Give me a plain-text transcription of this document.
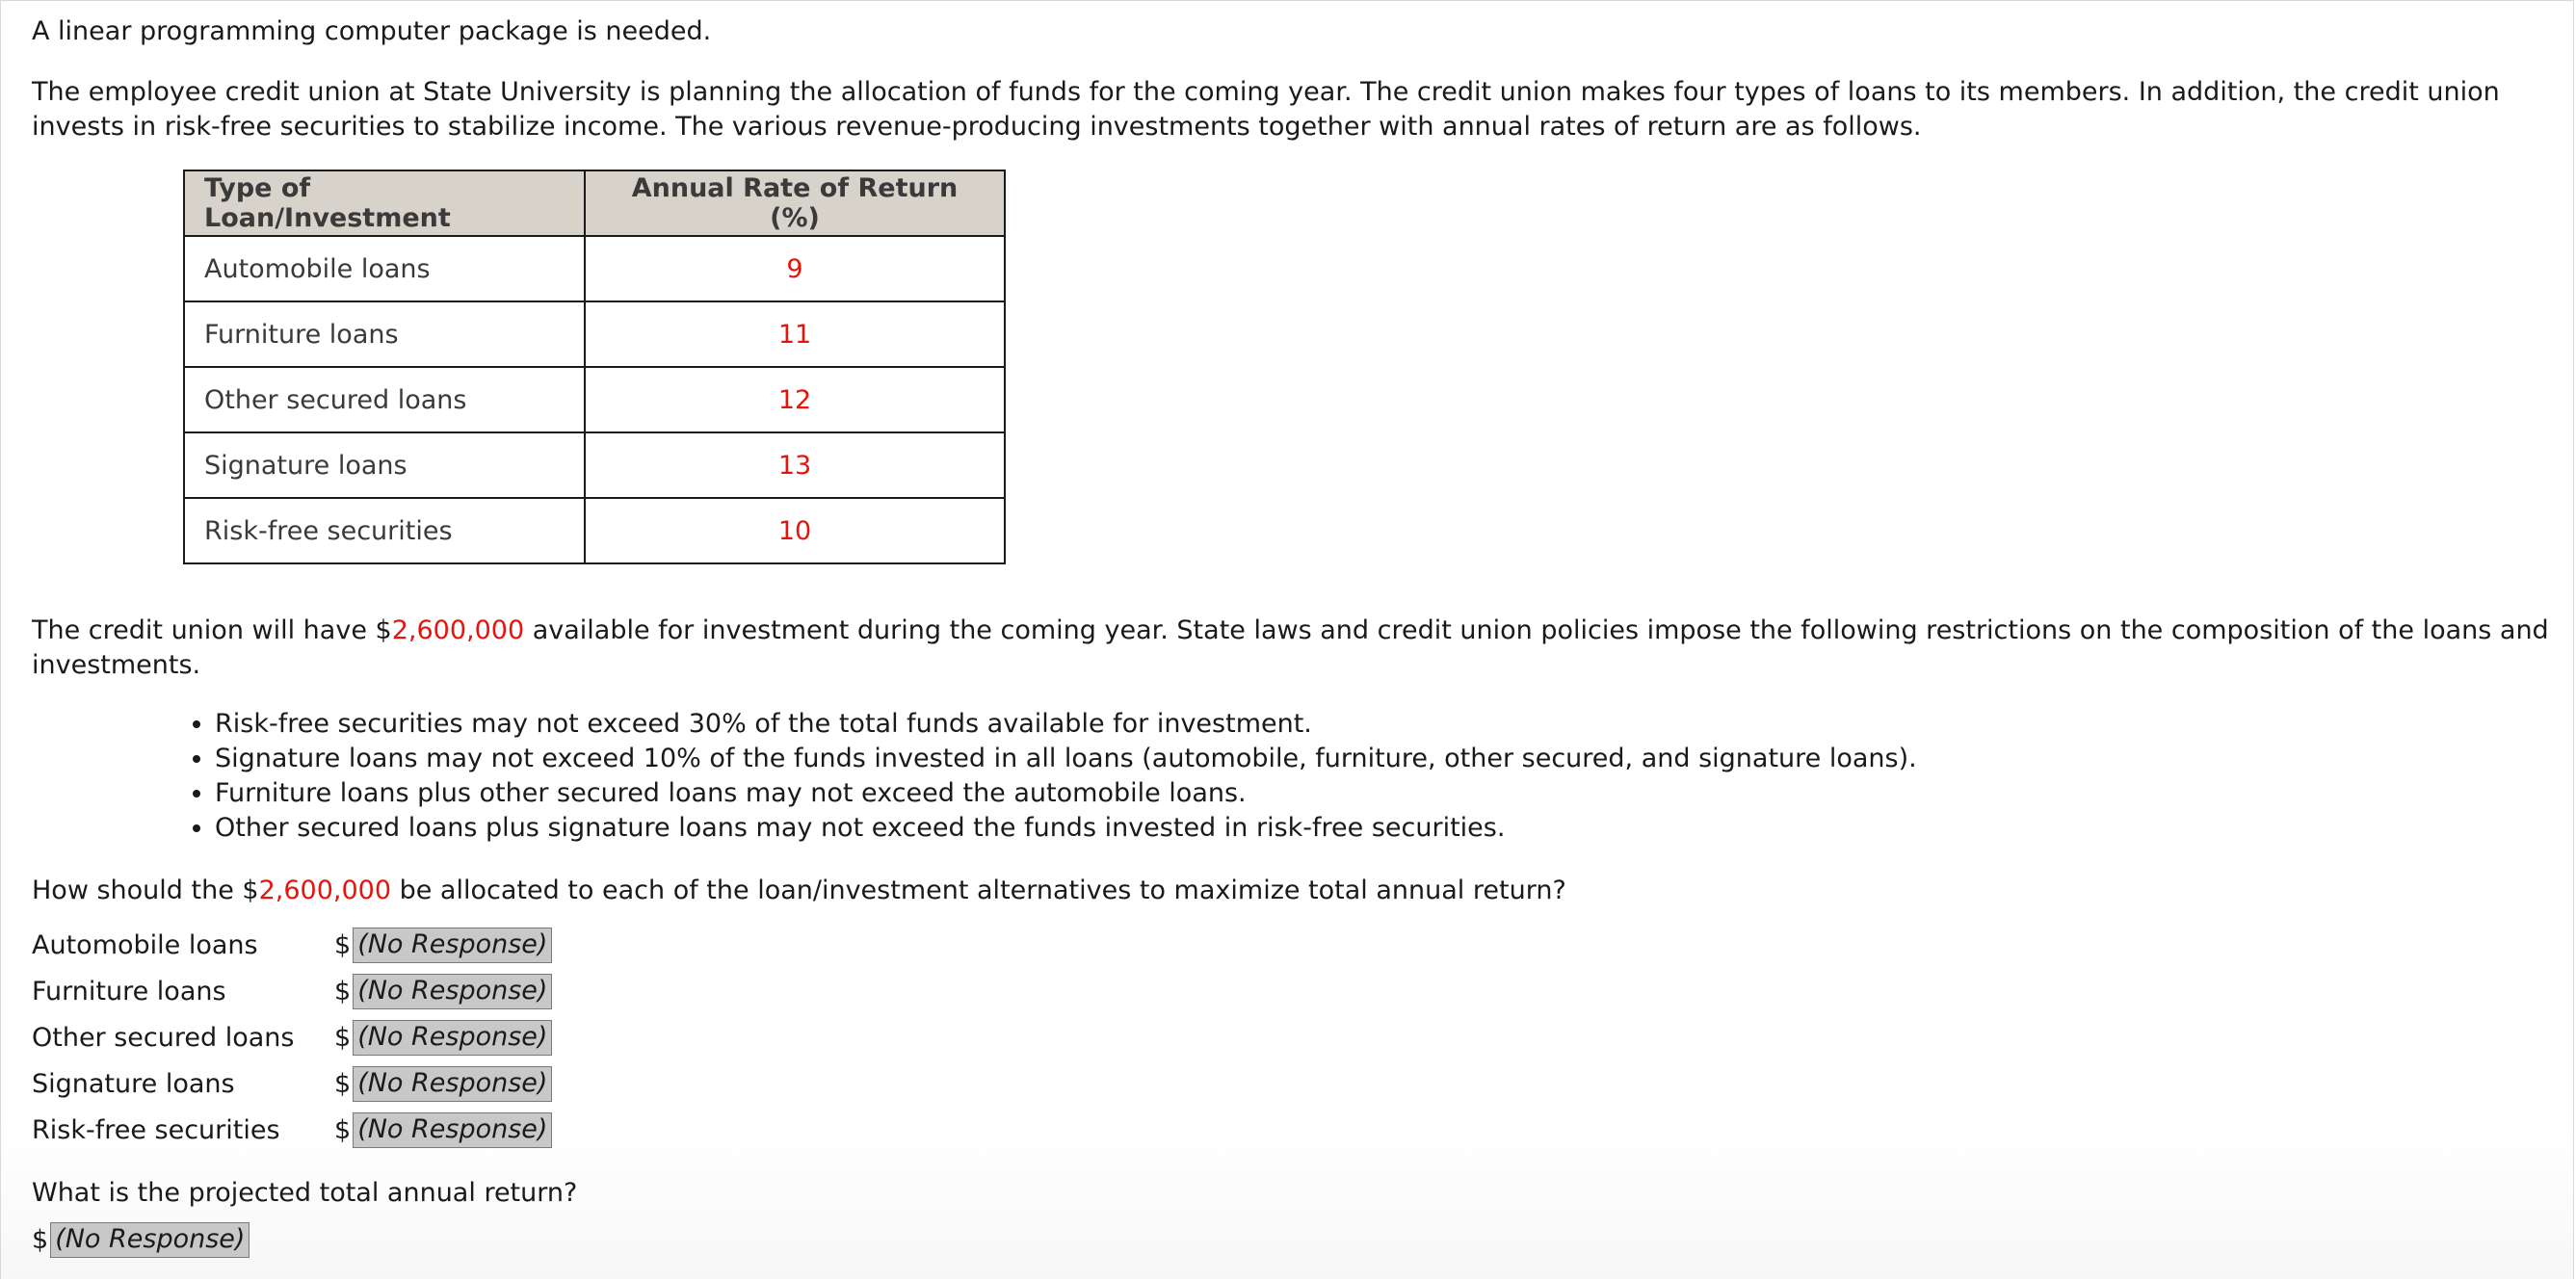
A linear programming computer package is needed.

The employee credit union at State University is planning the allocation of funds for the coming year. The credit union makes four types of loans to its members. In addition, the credit union invests in risk-free securities to stabilize income. The various revenue-producing investments together with annual rates of return are as follows.

Type of Loan/Investment	Annual Rate of Return (%)
Automobile loans	9
Furniture loans	11
Other secured loans	12
Signature loans	13
Risk-free securities	10

The credit union will have $2,600,000 available for investment during the coming year. State laws and credit union policies impose the following restrictions on the composition of the loans and investments.

• Risk-free securities may not exceed 30% of the total funds available for investment.
• Signature loans may not exceed 10% of the funds invested in all loans (automobile, furniture, other secured, and signature loans).
• Furniture loans plus other secured loans may not exceed the automobile loans.
• Other secured loans plus signature loans may not exceed the funds invested in risk-free securities.

How should the $2,600,000 be allocated to each of the loan/investment alternatives to maximize total annual return?

Automobile loans	$ (No Response)
Furniture loans	$ (No Response)
Other secured loans	$ (No Response)
Signature loans	$ (No Response)
Risk-free securities	$ (No Response)

What is the projected total annual return?

$ (No Response)
